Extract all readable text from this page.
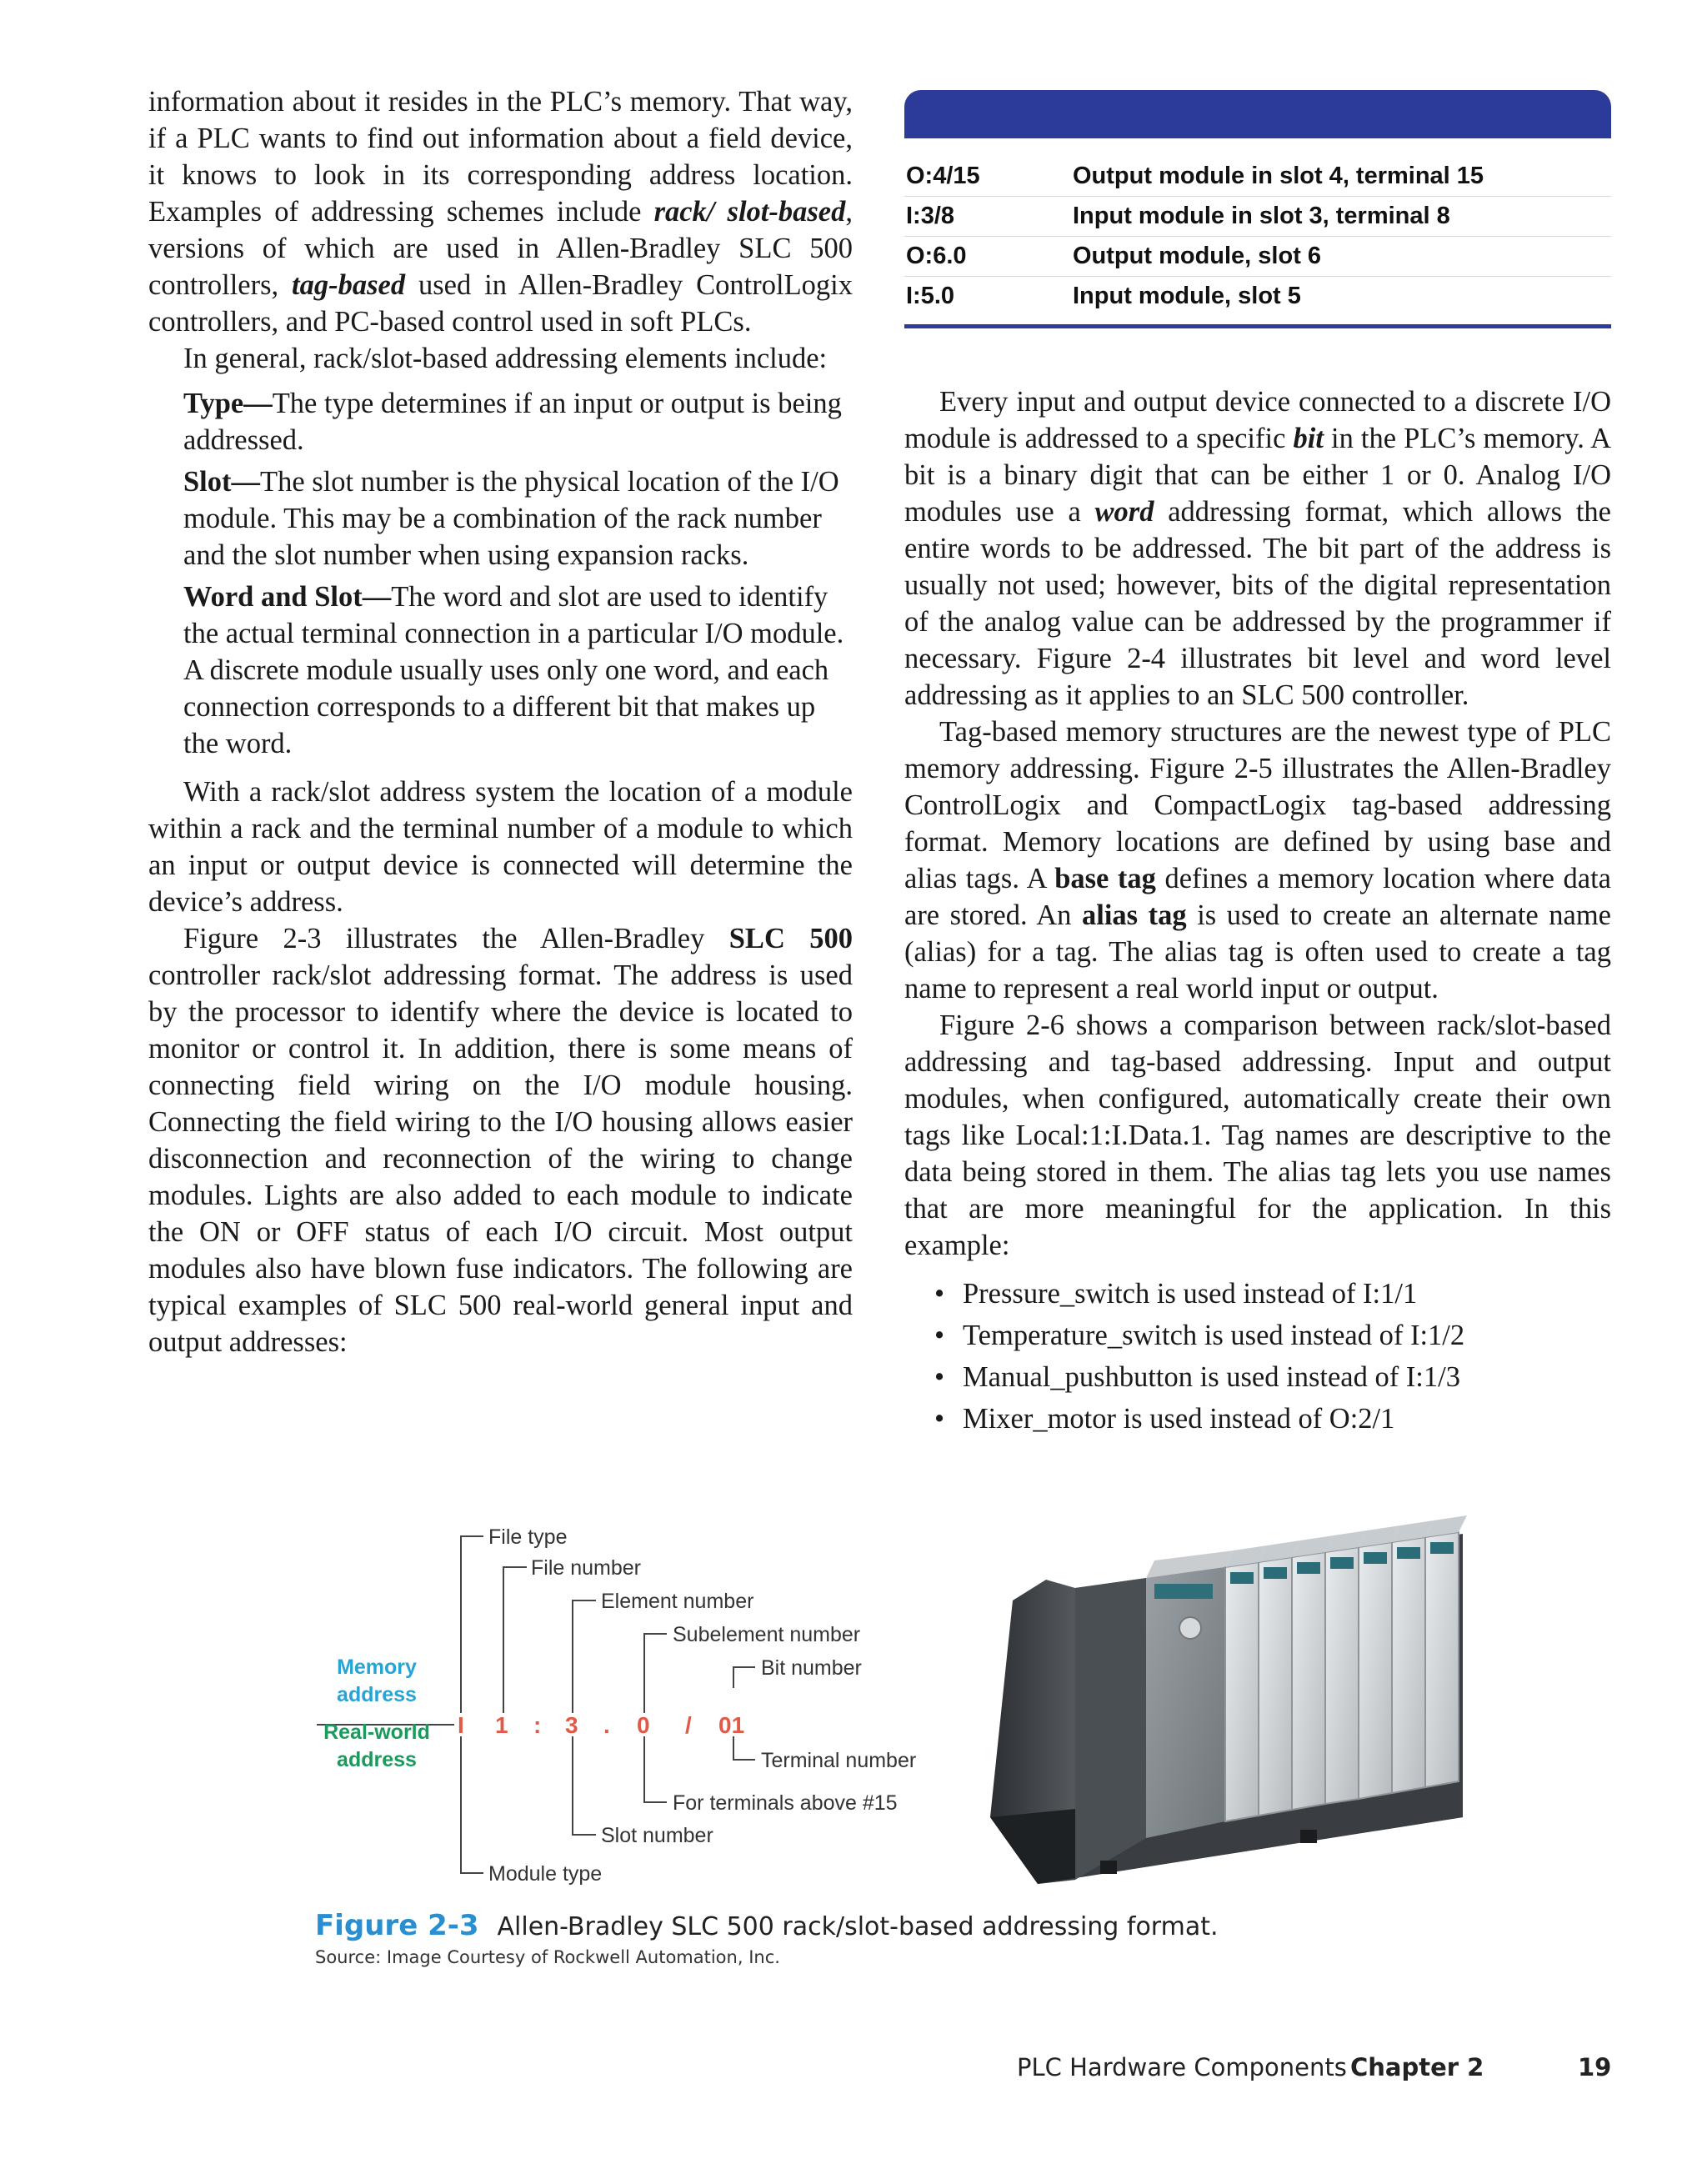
information about it resides in the PLC’s memory. That way, if a PLC wants to find out information about a field device, it knows to look in its corresponding address location. Examples of addressing schemes include rack/ slot-based, versions of which are used in Allen-Bradley SLC 500 controllers, tag-based used in Allen-Bradley ControlLogix controllers, and PC-based control used in soft PLCs.

In general, rack/slot-based addressing elements include:

Type—The type determines if an input or output is being addressed.

Slot—The slot number is the physical location of the I/O module. This may be a combination of the rack number and the slot number when using expansion racks.

Word and Slot—The word and slot are used to identify the actual terminal connection in a particular I/O module. A discrete module usually uses only one word, and each connection corresponds to a different bit that makes up the word.

With a rack/slot address system the location of a module within a rack and the terminal number of a module to which an input or output device is connected will determine the device’s address.

Figure 2-3 illustrates the Allen-Bradley SLC 500 controller rack/slot addressing format. The address is used by the processor to identify where the device is located to monitor or control it. In addition, there is some means of connecting field wiring on the I/O module housing. Connecting the field wiring to the I/O housing allows easier disconnection and reconnection of the wiring to change modules. Lights are also added to each module to indicate the ON or OFF status of each I/O circuit. Most output modules also have blown fuse indicators. The following are typical examples of SLC 500 real-world general input and output addresses:

O:4/15	Output module in slot 4, terminal 15
I:3/8	Input module in slot 3, terminal 8
O:6.0	Output module, slot 6
I:5.0	Input module, slot 5

Every input and output device connected to a discrete I/O module is addressed to a specific bit in the PLC’s memory. A bit is a binary digit that can be either 1 or 0. Analog I/O modules use a word addressing format, which allows the entire words to be addressed. The bit part of the address is usually not used; however, bits of the digital representation of the analog value can be addressed by the programmer if necessary. Figure 2-4 illustrates bit level and word level addressing as it applies to an SLC 500 controller.

Tag-based memory structures are the newest type of PLC memory addressing. Figure 2-5 illustrates the Allen-Bradley ControlLogix and CompactLogix tag-based addressing format. Memory locations are defined by using base and alias tags. A base tag defines a memory location where data are stored. An alias tag is used to create an alternate name (alias) for a tag. The alias tag is often used to create a tag name to represent a real world input or output.

Figure 2-6 shows a comparison between rack/slot-based addressing and tag-based addressing. Input and output modules, when configured, automatically create their own tags like Local:1:I.Data.1. Tag names are descriptive to the data being stored in them. The alias tag lets you use names that are more meaningful for the application. In this example:

• Pressure_switch is used instead of I:1/1
• Temperature_switch is used instead of I:1/2
• Manual_pushbutton is used instead of I:1/3
• Mixer_motor is used instead of O:2/1
File type
File number
Element number
Subelement number
Bit number
Terminal number
For terminals above #15
Slot number
Module type
Memory
address
Real-world
address
I 1 : 3 . 0 / 01
Figure 2-3 Allen-Bradley SLC 500 rack/slot-based addressing format.
Source: Image Courtesy of Rockwell Automation, Inc.
PLC Hardware Components Chapter 2	19
